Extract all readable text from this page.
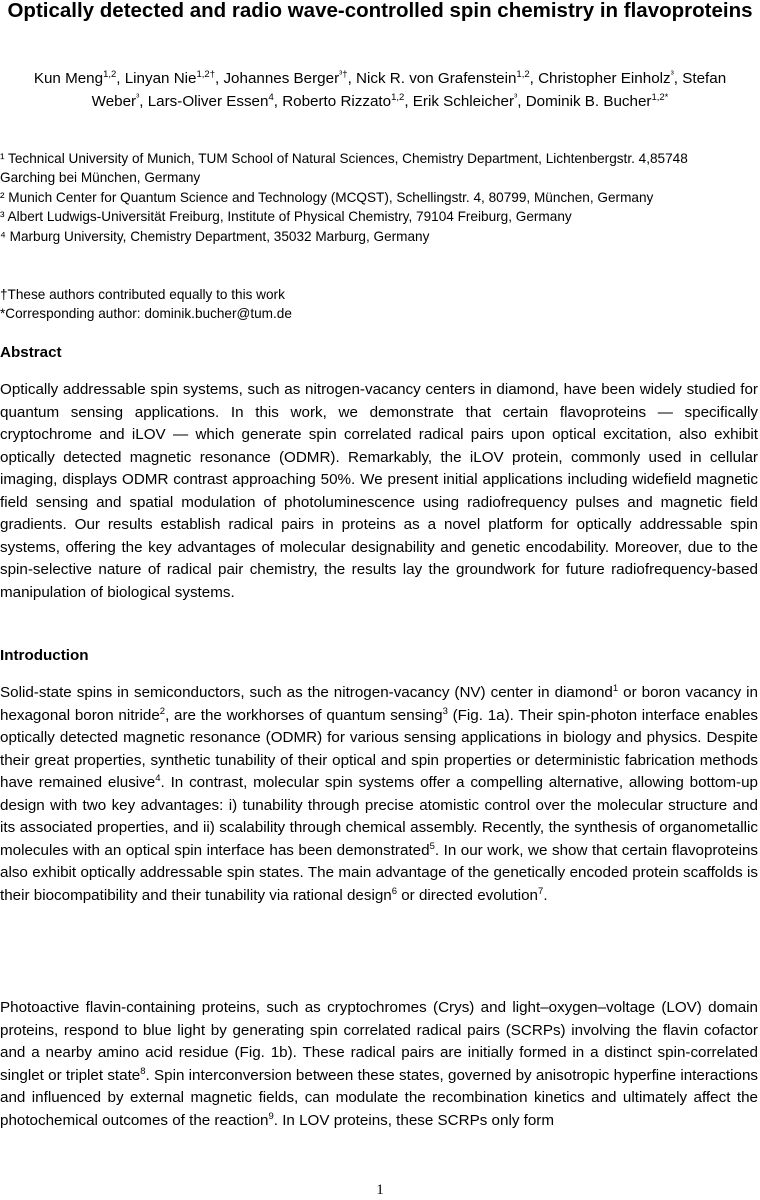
Optically detected and radio wave-controlled spin chemistry in flavoproteins
Kun Meng$^{1,2}$, Linyan Nie$^{1,2\dagger}$, Johannes Berger$^{^3\dagger}$, Nick R. von Grafenstein$^{1,2}$, Christopher Einholz$^{^3}$, Stefan Weber$^{^3}$, Lars-Oliver Essen$^4$, Roberto Rizzato$^{1,2}$, Erik Schleicher$^{^3}$, Dominik B. Bucher$^{1,2*}$

¹ Technical University of Munich, TUM School of Natural Sciences, Chemistry Department, Lichtenbergstr. 4,85748 Garching bei München, Germany

² Munich Center for Quantum Science and Technology (MCQST), Schellingstr. 4, 80799, München, Germany

³ Albert Ludwigs-Universität Freiburg, Institute of Physical Chemistry, 79104 Freiburg, Germany

⁴ Marburg University, Chemistry Department, 35032 Marburg, Germany

†These authors contributed equally to this work

*Corresponding author: dominik.bucher@tum.de

Abstract

Optically addressable spin systems, such as nitrogen-vacancy centers in diamond, have been widely studied for quantum sensing applications. In this work, we demonstrate that certain flavoproteins — specifically cryptochrome and iLOV — which generate spin correlated radical pairs upon optical excitation, also exhibit optically detected magnetic resonance (ODMR). Remarkably, the iLOV protein, commonly used in cellular imaging, displays ODMR contrast approaching 50%. We present initial applications including widefield magnetic field sensing and spatial modulation of photoluminescence using radiofrequency pulses and magnetic field gradients. Our results establish radical pairs in proteins as a novel platform for optically addressable spin systems, offering the key advantages of molecular designability and genetic encodability. Moreover, due to the spin-selective nature of radical pair chemistry, the results lay the groundwork for future radiofrequency-based manipulation of biological systems.

Introduction

Solid-state spins in semiconductors, such as the nitrogen-vacancy (NV) center in diamond$^1$ or boron vacancy in hexagonal boron nitride$^2$, are the workhorses of quantum sensing$^3$ (Fig. 1a). Their spin-photon interface enables optically detected magnetic resonance (ODMR) for various sensing applications in biology and physics. Despite their great properties, synthetic tunability of their optical and spin properties or deterministic fabrication methods have remained elusive$^4$. In contrast, molecular spin systems offer a compelling alternative, allowing bottom-up design with two key advantages: i) tunability through precise atomistic control over the molecular structure and its associated properties, and ii) scalability through chemical assembly. Recently, the synthesis of organometallic molecules with an optical spin interface has been demonstrated$^5$. In our work, we show that certain flavoproteins also exhibit optically addressable spin states. The main advantage of the genetically encoded protein scaffolds is their biocompatibility and their tunability via rational design$^6$ or directed evolution$^7$.

Photoactive flavin-containing proteins, such as cryptochromes (Crys) and light–oxygen–voltage (LOV) domain proteins, respond to blue light by generating spin correlated radical pairs (SCRPs) involving the flavin cofactor and a nearby amino acid residue (Fig. 1b). These radical pairs are initially formed in a distinct spin-correlated singlet or triplet state$^8$. Spin interconversion between these states, governed by anisotropic hyperfine interactions and influenced by external magnetic fields, can modulate the recombination kinetics and ultimately affect the photochemical outcomes of the reaction$^9$. In LOV proteins, these SCRPs only form

1
